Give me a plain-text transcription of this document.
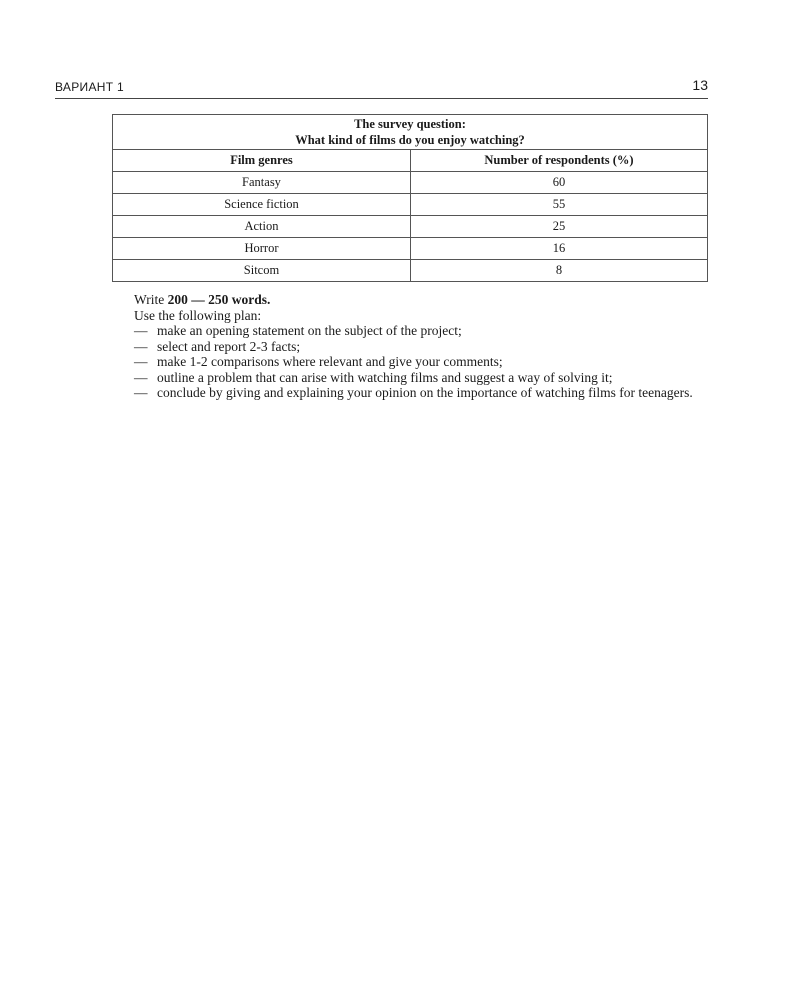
ВАРИАНТ 1	13
The survey question:
What kind of films do you enjoy watching?	

Film genres	Number of respondents (%)
Fantasy	60
Science fiction	55
Action	25
Horror	16
Sitcom	8

Write 200 — 250 words.

Use the following plan:

— make an opening statement on the subject of the project;
— select and report 2-3 facts;
— make 1-2 comparisons where relevant and give your comments;
— outline a problem that can arise with watching films and suggest a way of solving it;
— conclude by giving and explaining your opinion on the importance of watching films for teenagers.
